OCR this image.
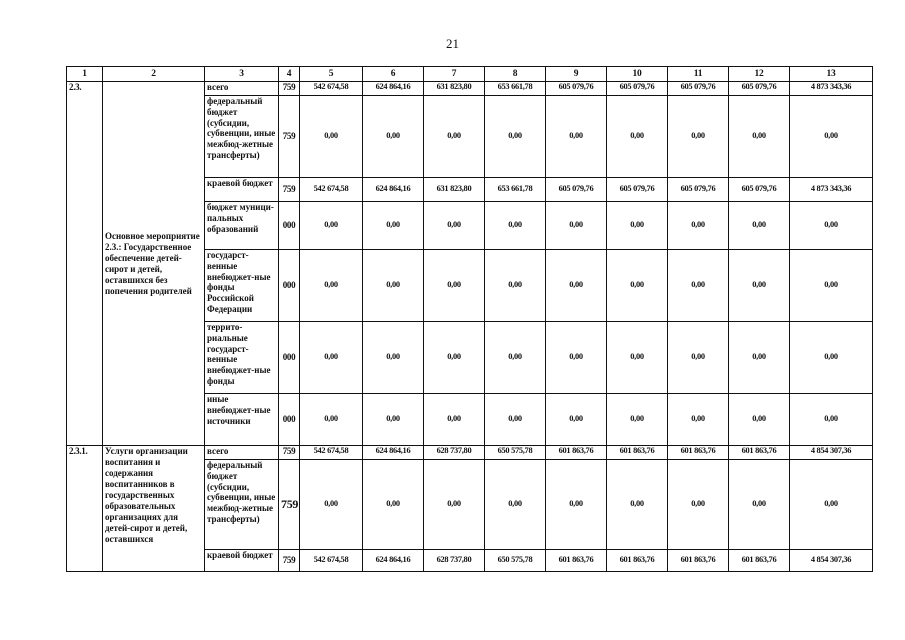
21
1	2	3	4	5	6	7	8	9	10	11	12	13
2.3.	Основное мероприятие 2.3.: Государственное обеспечение детей-сирот и детей, оставшихся без попечения родителей	всего	759	542 674,58	624 864,16	631 823,80	653 661,78	605 079,76	605 079,76	605 079,76	605 079,76	4 873 343,36
		федеральный бюджет (субсидии, субвенции, иные межбюд-жетные трансферты)	759	0,00	0,00	0,00	0,00	0,00	0,00	0,00	0,00	0,00
		краевой бюджет	759	542 674,58	624 864,16	631 823,80	653 661,78	605 079,76	605 079,76	605 079,76	605 079,76	4 873 343,36
		бюджет муници-пальных образований	000	0,00	0,00	0,00	0,00	0,00	0,00	0,00	0,00	0,00
		государст-венные внебюджет-ные фонды Российской Федерации	000	0,00	0,00	0,00	0,00	0,00	0,00	0,00	0,00	0,00
		террито-риальные государст-венные внебюджет-ные фонды	000	0,00	0,00	0,00	0,00	0,00	0,00	0,00	0,00	0,00
		иные внебюджет-ные источники	000	0,00	0,00	0,00	0,00	0,00	0,00	0,00	0,00	0,00
2.3.1.	Услуги организации воспитания и содержания воспитанников в государственных образовательных организациях для детей-сирот и детей, оставшихся	всего	759	542 674,58	624 864,16	628 737,80	650 575,78	601 863,76	601 863,76	601 863,76	601 863,76	4 854 307,36
		федеральный бюджет (субсидии, субвенции, иные межбюд-жетные трансферты)	759	0,00	0,00	0,00	0,00	0,00	0,00	0,00	0,00	0,00
		краевой бюджет	759	542 674,58	624 864,16	628 737,80	650 575,78	601 863,76	601 863,76	601 863,76	601 863,76	4 854 307,36
